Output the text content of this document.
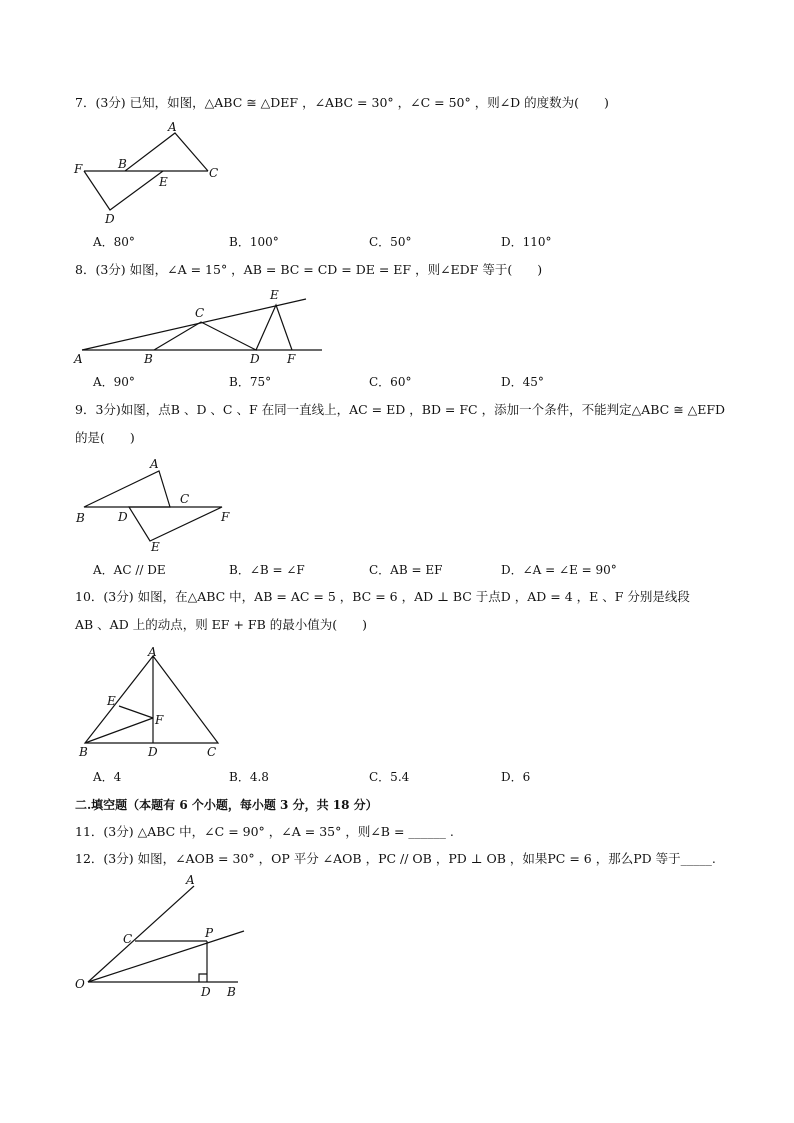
7．(3分) 已知，如图，△ABC ≅ △DEF ，∠ABC = 30° ，∠C = 50° ，则∠D 的度数为(　　)
A
B
C
D
E
F
A．80°	B．100°	C．50°	D．110°
8．(3分) 如图，∠A = 15° ，AB = BC = CD = DE = EF ，则∠EDF 等于(　　)
A	B
C
D
E
F
A．90°	B．75°	C．60°	D．45°
9．3分)如图，点B 、D 、C 、F 在同一直线上，AC = ED ，BD = FC ，添加一个条件，不能判定△ABC ≅ △EFD
的是(　　)
A
B
C
D
E
F
A．AC // DE	B．∠B = ∠F	C．AB = EF	D．∠A = ∠E = 90°
10．(3分) 如图，在△ABC 中，AB = AC = 5 ，BC = 6 ，AD ⊥ BC 于点D ，AD = 4 ，E 、F 分别是线段
AB 、AD 上的动点，则 EF + FB 的最小值为(　　)
A
B	C
D
E
F
A．4	B．4.8	C．5.4	D．6
二.填空题（本题有 6 个小题，每小题 3 分，共 18 分）
11．(3分) △ABC 中，∠C = 90° ，∠A = 35° ，则∠B = ______ .
12．(3分) 如图，∠AOB = 30° ，OP 平分 ∠AOB ，PC // OB ，PD ⊥ OB ，如果PC = 6 ，那么PD 等于_____.
A
C	P
O
D B
